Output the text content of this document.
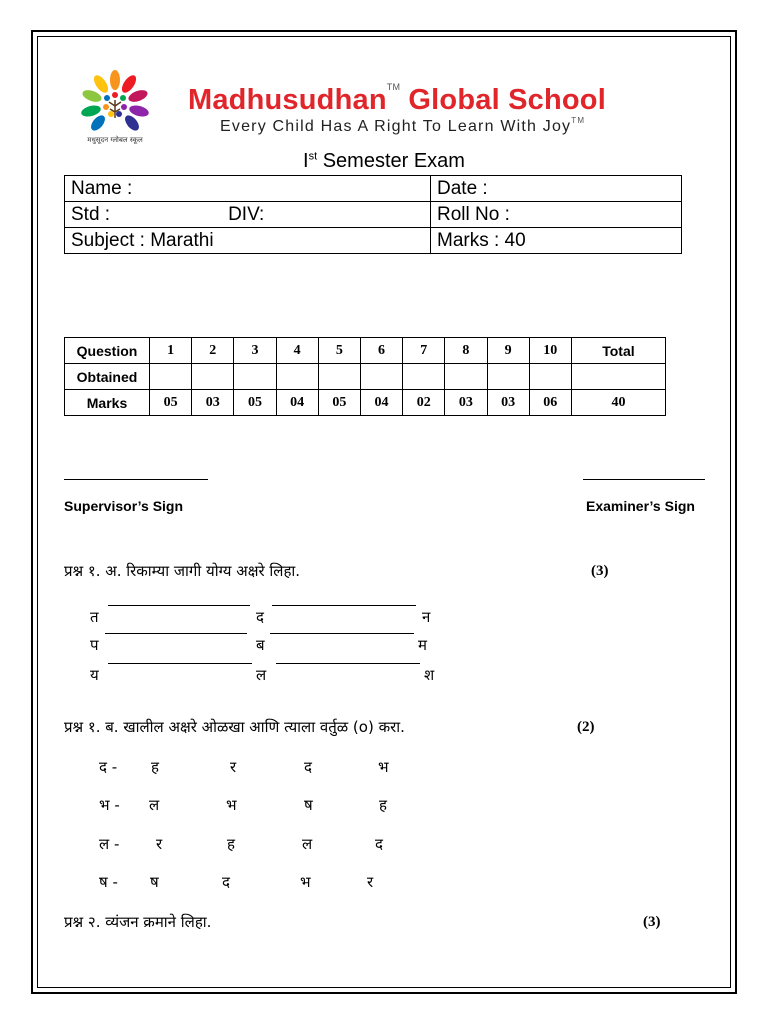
मधुसूदन ग्लोबल स्कूल
Madhusudhan™ Global School
Every Child Has A Right To Learn With Joy™
Ist Semester Exam
Name :	Date :
Std : DIV:	Roll No :
Subject : Marathi	Marks : 40
Question	1	2	3	4	5	6	7	8	9	10	Total
Obtained											
Marks	05	03	05	04	05	04	02	03	03	06	40
Supervisor’s Sign	Examiner’s Sign
प्रश्न १. अ. रिकाम्या जागी योग्य अक्षरे लिहा.	(3)
त	द	न
प	ब	म
य	ल	श
प्रश्न १. ब. खालील अक्षरे ओळखा आणि त्याला वर्तुळ (o) करा.	(2)
द - ह	र	द	भ
भ - ल	भ	ष	ह
ल - र	ह	ल	द
ष - ष	द	भ	र
प्रश्न २. व्यंजन क्रमाने लिहा.	(3)
